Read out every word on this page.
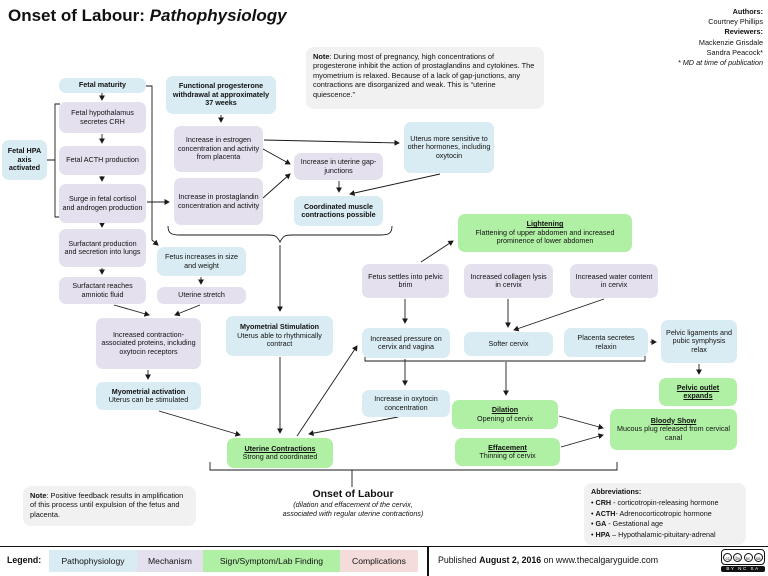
Onset of Labour: Pathophysiology	Authors:
Courtney Phillips
Reviewers:
Mackenzie Grisdale
Sandra Peacock*
* MD at time of publication
Note: During most of pregnancy, high concentrations of progesterone inhibit the action of prostaglandins and cytokines. The myometrium is relaxed. Because of a lack of gap-junctions, any contractions are disorganized and weak. This is “uterine quiescence.”
Fetal maturity
Fetal hypothalamus secretes CRH
Fetal ACTH production
Surge in fetal cortisol and androgen production
Surfactant production and secretion into lungs
Surfactant reaches amniotic fluid
Fetal HPA axis activated
Increased contraction-associated proteins, including oxytocin receptors
Myometrial activation
Uterus can be stimulated
Fetus increases in size and weight
Uterine stretch
Functional progesterone withdrawal at approximately 37 weeks
Increase in estrogen concentration and activity from placenta
Increase in prostaglandin concentration and activity
Increase in uterine gap-junctions
Coordinated muscle contractions possible
Myometrial Stimulation
Uterus able to rhythmically contract
Uterine Contractions
Strong and coordinated
Uterus more sensitive to other hormones, including oxytocin
Lightening
Flattening of upper abdomen and increased prominence of lower abdomen
Fetus settles into pelvic brim
Increased collagen lysis in cervix
Increased water content in cervix
Increased pressure on cervix and vagina	Softer cervix
Placenta secretes relaxin
Pelvic ligaments and pubic symphysis relax
Pelvic outlet expands
Bloody Show
Mucous plug released from cervical canal
Increase in oxytocin concentration	Dilation
Opening of cervix
Effacement
Thinning of cervix
Note: Positive feedback results in amplification of this process until expulsion of the fetus and placenta.
Onset of Labour
(dilation and effacement of the cervix,
associated with regular uterine contractions)
Abbreviations:
• CRH - corticotropin-releasing hormone
• ACTH- Adrenocorticotropic hormone
• GA - Gestational age
• HPA – Hypothalamic-pituitary-adrenal
Legend:	Pathophysiology	Mechanism	Sign/Symptom/Lab Finding	Complications	Published August 2, 2016 on www.thecalgaryguide.com	cc	by	nc	sa
BY NC SA
